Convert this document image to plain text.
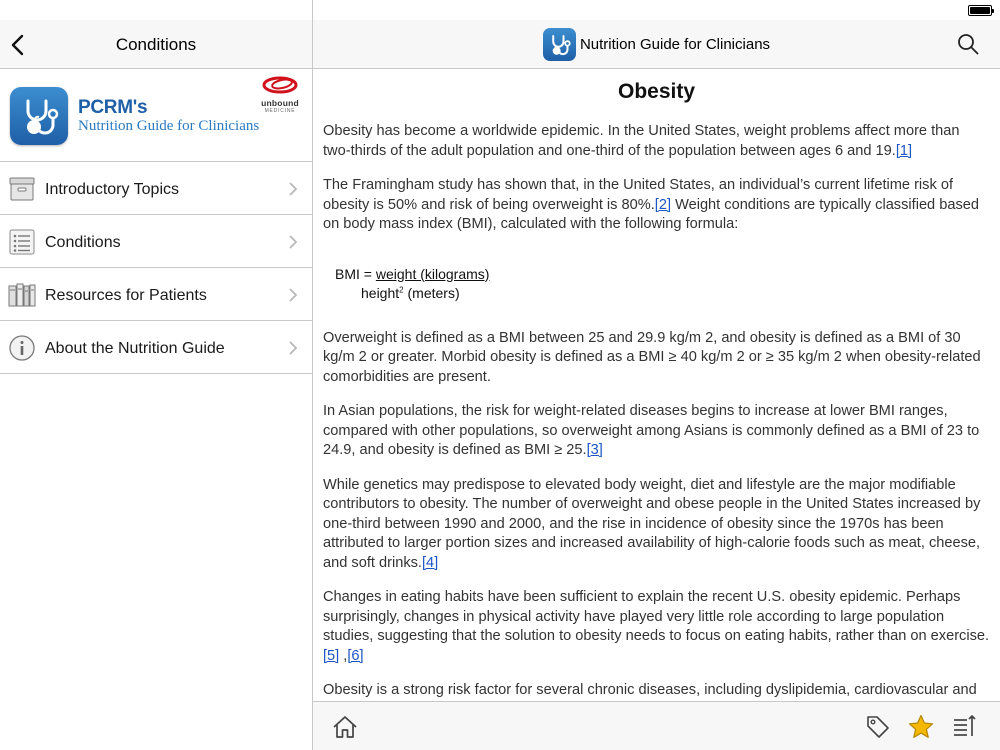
Conditions
PCRM's
Nutrition Guide for Clinicians
unbound
MEDICINE
Introductory Topics
Conditions
Resources for Patients
About the Nutrition Guide
Nutrition Guide for Clinicians
Obesity

Obesity has become a worldwide epidemic. In the United States, weight problems affect more than two-thirds of the adult population and one-third of the population between ages 6 and 19.[1]

The Framingham study has shown that, in the United States, an individual’s current lifetime risk of obesity is 50% and risk of being overweight is 80%.[2] Weight conditions are typically classified based on body mass index (BMI), calculated with the following formula:

BMI = weight (kilograms)
height$^2$ (meters)

Overweight is defined as a BMI between 25 and 29.9 kg/m 2, and obesity is defined as a BMI of 30 kg/m 2 or greater. Morbid obesity is defined as a BMI ≥ 40 kg/m 2 or ≥ 35 kg/m 2 when obesity-related comorbidities are present.

In Asian populations, the risk for weight-related diseases begins to increase at lower BMI ranges, compared with other populations, so overweight among Asians is commonly defined as a BMI of 23 to 24.9, and obesity is defined as BMI ≥ 25.[3]

While genetics may predispose to elevated body weight, diet and lifestyle are the major modifiable contributors to obesity. The number of overweight and obese people in the United States increased by one-third between 1990 and 2000, and the rise in incidence of obesity since the 1970s has been attributed to larger portion sizes and increased availability of high-calorie foods such as meat, cheese, and soft drinks.[4]

Changes in eating habits have been sufficient to explain the recent U.S. obesity epidemic. Perhaps surprisingly, changes in physical activity have played very little role according to large population studies, suggesting that the solution to obesity needs to focus on eating habits, rather than on exercise.[5] ,[6]

Obesity is a strong risk factor for several chronic diseases, including dyslipidemia, cardiovascular and
